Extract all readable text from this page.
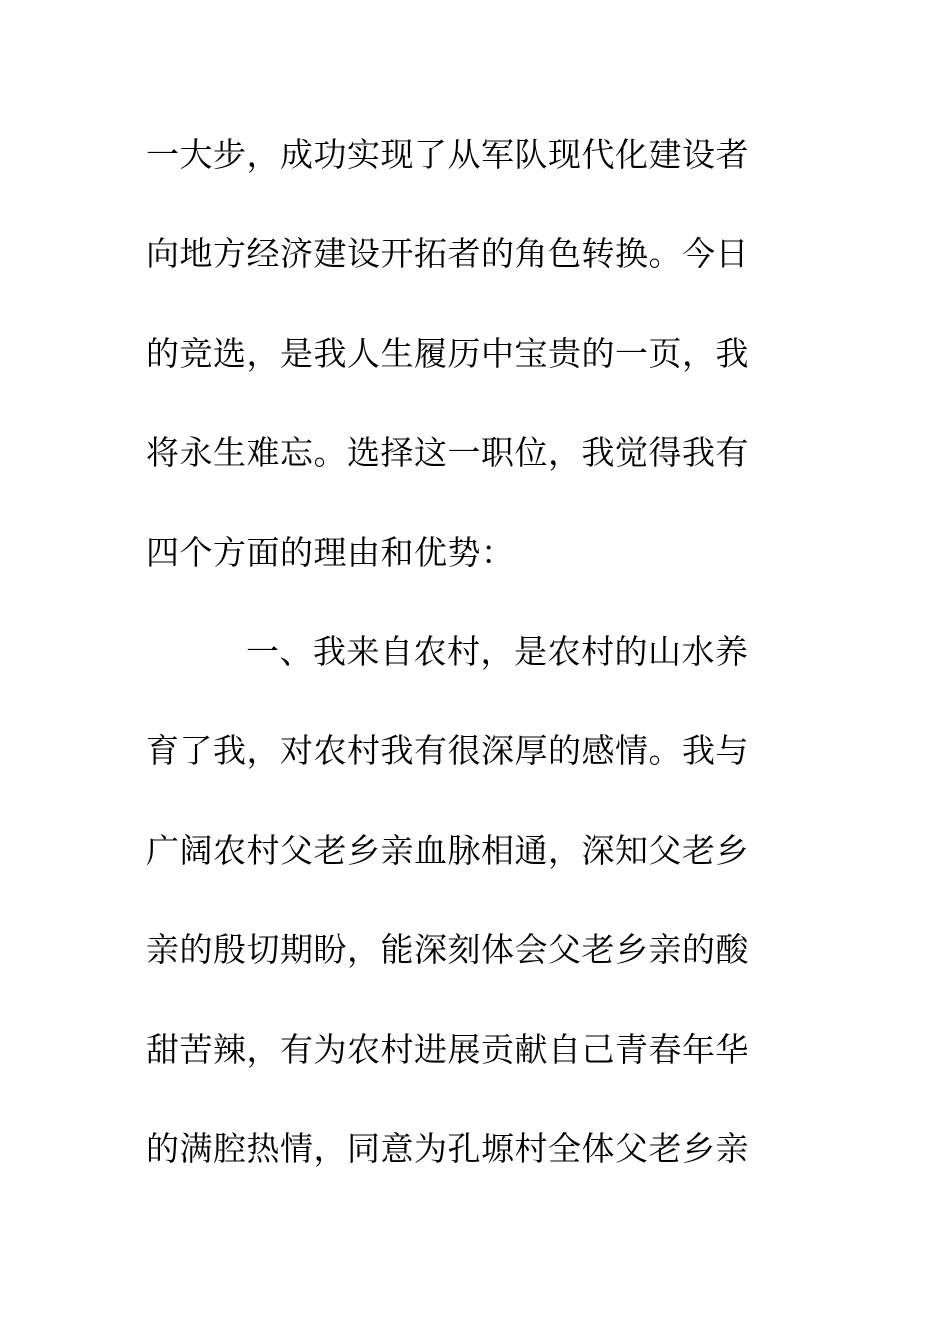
一大步，成功实现了从军队现代化建设者
向地方经济建设开拓者的角色转换。今日
的竞选，是我人生履历中宝贵的一页，我
将永生难忘。选择这一职位，我觉得我有
四个方面的理由和优势：
一、我来自农村，是农村的山水养
育了我，对农村我有很深厚的感情。我与
广阔农村父老乡亲血脉相通，深知父老乡
亲的殷切期盼，能深刻体会父老乡亲的酸
甜苦辣，有为农村进展贡献自己青春年华
的满腔热情，同意为孔塬村全体父老乡亲
